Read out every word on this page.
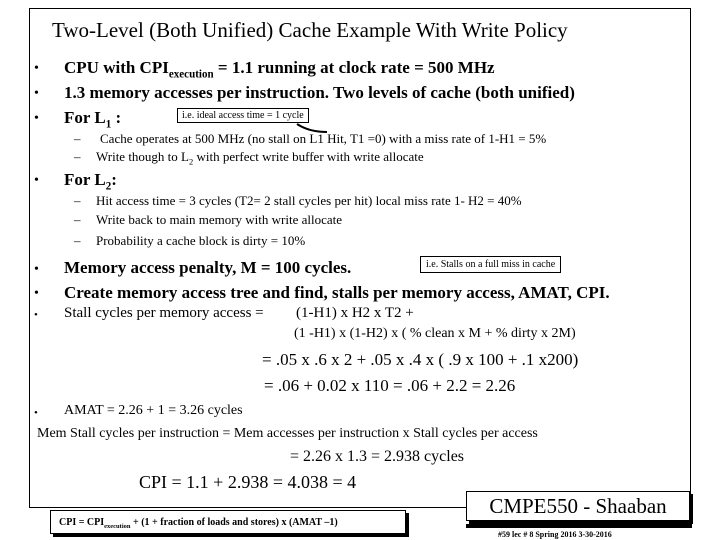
Two-Level (Both Unified) Cache Example With Write Policy
• CPU with $CPI_{execution} = 1.1$ running at clock rate = 500 MHz
• 1.3 memory accesses per instruction. Two levels of cache (both unified)
• For $L_1$ :	i.e. ideal access time = 1 cycle
– Cache operates at 500 MHz (no stall on L1 Hit, T1 =0) with a miss rate of 1-H1 = 5%
– Write though to $L_2$ with perfect write buffer with write allocate
• For $L_2$:
– Hit access time = 3 cycles (T2= 2 stall cycles per hit) local miss rate 1- H2 = 40%
– Write back to main memory with write allocate
– Probability a cache block is dirty = 10%
• Memory access penalty, M = 100 cycles.	i.e. Stalls on a full miss in cache
• Create memory access tree and find, stalls per memory access, AMAT, CPI.
• Stall cycles per memory access = (1-H1) x H2 x T2 +
(1 -H1) x (1-H2) x ( % clean x M + % dirty x 2M)
= .05 x .6 x 2 + .05 x .4 x ( .9 x 100 + .1 x200)
= .06 + 0.02 x 110 = .06 + 2.2 = 2.26
• AMAT = 2.26 + 1 = 3.26 cycles
Mem Stall cycles per instruction = Mem accesses per instruction x Stall cycles per access
= 2.26 x 1.3 = 2.938 cycles
CPI = 1.1 + 2.938 = 4.038 = 4
CMPE550 - Shaaban
#59 lec # 8 Spring 2016 3-30-2016
CPI = $CPI_{execution} + (1$ + fraction of loads and stores) x (AMAT –1)
